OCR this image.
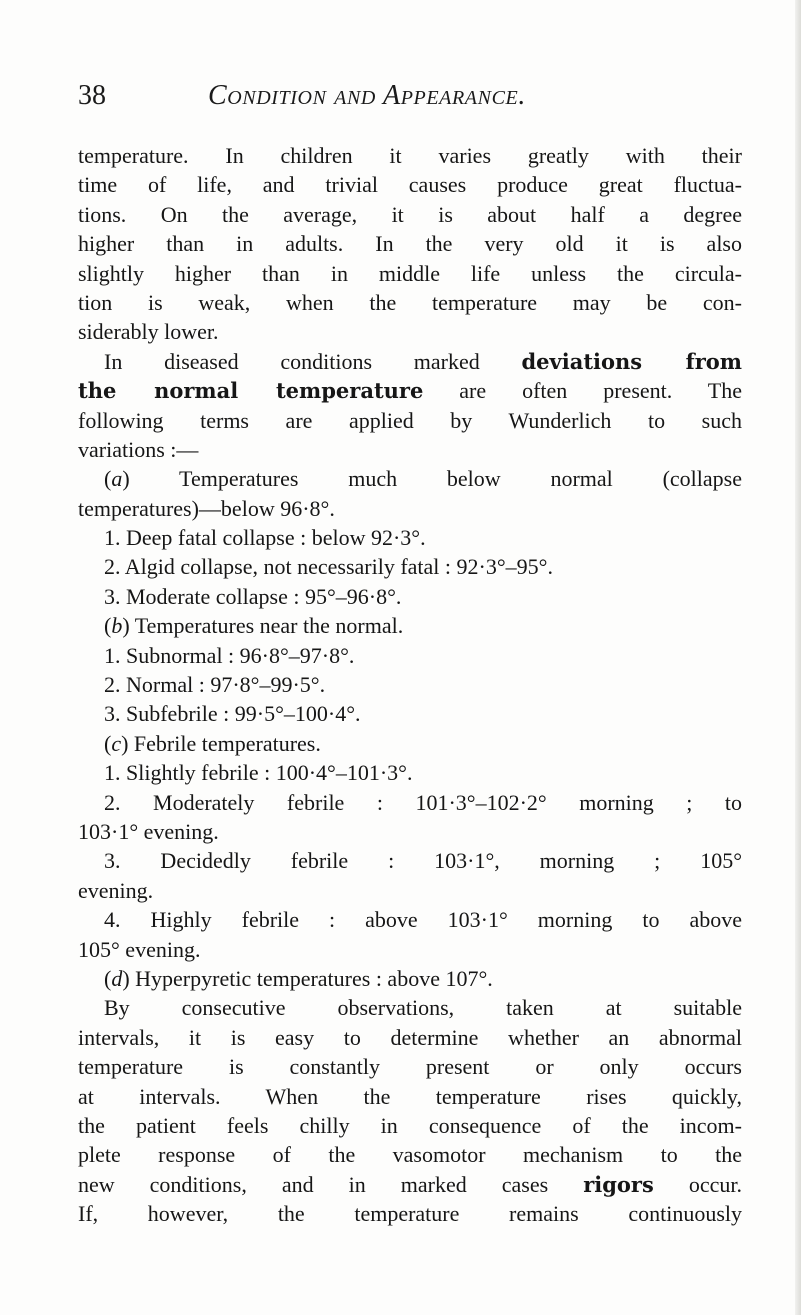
38	Condition and Appearance.
temperature. In children it varies greatly with their
time of life, and trivial causes produce great fluctua-
tions. On the average, it is about half a degree
higher than in adults. In the very old it is also
slightly higher than in middle life unless the circula-
tion is weak, when the temperature may be con-
siderably lower.
In diseased conditions marked deviations from
the normal temperature are often present. The
following terms are applied by Wunderlich to such
variations :—
(a) Temperatures much below normal (collapse
temperatures)—below 96·8°.
1. Deep fatal collapse : below 92·3°.
2. Algid collapse, not necessarily fatal : 92·3°–95°.
3. Moderate collapse : 95°–96·8°.
(b) Temperatures near the normal.
1. Subnormal : 96·8°–97·8°.
2. Normal : 97·8°–99·5°.
3. Subfebrile : 99·5°–100·4°.
(c) Febrile temperatures.
1. Slightly febrile : 100·4°–101·3°.
2. Moderately febrile : 101·3°–102·2° morning ; to
103·1° evening.
3. Decidedly febrile : 103·1°, morning ; 105°
evening.
4. Highly febrile : above 103·1° morning to above
105° evening.
(d) Hyperpyretic temperatures : above 107°.
By consecutive observations, taken at suitable
intervals, it is easy to determine whether an abnormal
temperature is constantly present or only occurs
at intervals. When the temperature rises quickly,
the patient feels chilly in consequence of the incom-
plete response of the vasomotor mechanism to the
new conditions, and in marked cases rigors occur.
If, however, the temperature remains continuously
